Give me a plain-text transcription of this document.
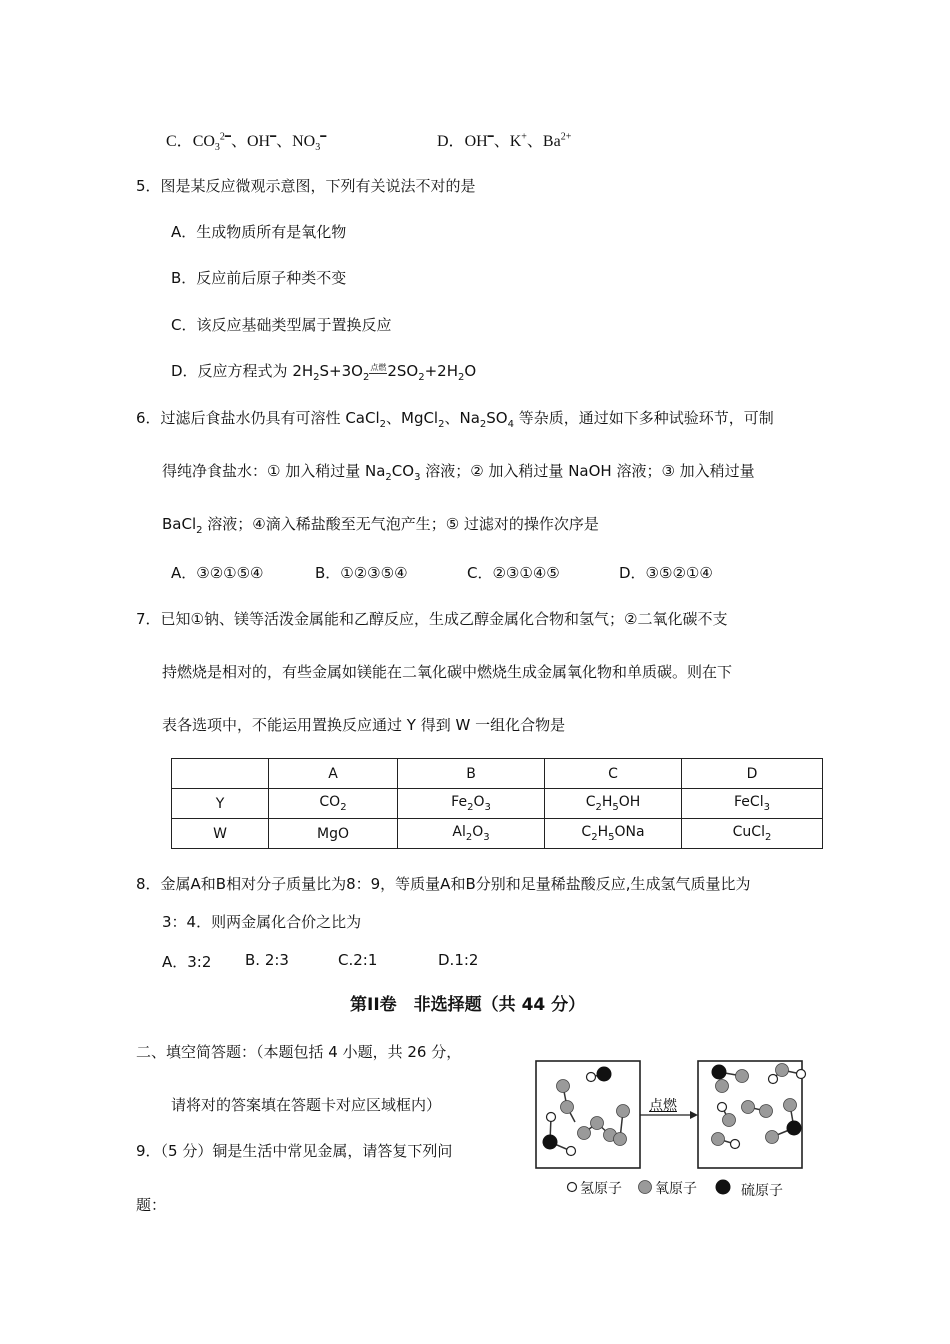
C．$CO_3^{2━}$、OH━、$NO_3^━$	D．OH━、K+、$Ba^{2+}$
5．图是某反应微观示意图，下列有关说法不对的是
A．生成物质所有是氧化物
B．反应前后原子种类不变
C．该反应基础类型属于置换反应
D．反应方程式为 $2H_2S+3O_2$点燃$2SO_2+2H_2O$
6．过滤后食盐水仍具有可溶性 CaCl$_2$、MgCl$_2$、$Na_2SO_4$ 等杂质，通过如下多种试验环节，可制
得纯净食盐水：① 加入稍过量 $Na_2CO_3$ 溶液；② 加入稍过量 NaOH 溶液；③ 加入稍过量
BaCl$_2$ 溶液；④滴入稀盐酸至无气泡产生；⑤ 过滤对的操作次序是
A．③②①⑤④	B．①②③⑤④	C．②③①④⑤	D．③⑤②①④
7．已知①钠、镁等活泼金属能和乙醇反应，生成乙醇金属化合物和氢气；②二氧化碳不支
持燃烧是相对的，有些金属如镁能在二氧化碳中燃烧生成金属氧化物和单质碳。则在下
表各选项中，不能运用置换反应通过 Y 得到 W 一组化合物是
	A	B	C	D
Y	$CO_2$	$Fe_2O_3$	$C_2H_5OH$	FeCl$_3$
W	MgO	$Al_2O_3$	$C_2H_5ONa$	CuCl$_2$
8．金属A和B相对分子质量比为8：9，等质量A和B分别和足量稀盐酸反应,生成氢气质量比为
3：4．则两金属化合价之比为
A．3:2 B. 2:3	C.2:1	D.1:2
第II卷　非选择题（共 44 分）
二、填空简答题：（本题包括 4 小题，共 26 分，
请将对的答案填在答题卡对应区域框内）
9．（5 分）铜是生活中常见金属，请答复下列问
题：
点燃
氢原子 氧原子	硫原子
